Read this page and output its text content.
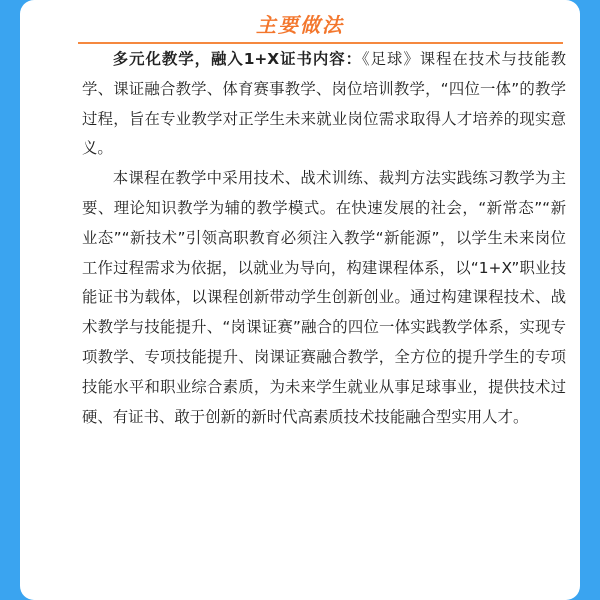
主要做法

多元化教学，融入1+X证书内容：《足球》课程在技术与技能教学、课证融合教学、体育赛事教学、岗位培训教学，“四位一体”的教学过程，旨在专业教学对正学生未来就业岗位需求取得人才培养的现实意义。

本课程在教学中采用技术、战术训练、裁判方法实践练习教学为主要、理论知识教学为辅的教学模式。在快速发展的社会，“新常态”“新业态”“新技术”引领高职教育必须注入教学“新能源”，以学生未来岗位工作过程需求为依据，以就业为导向，构建课程体系，以“1+X”职业技能证书为载体，以课程创新带动学生创新创业。通过构建课程技术、战术教学与技能提升、“岗课证赛”融合的四位一体实践教学体系，实现专项教学、专项技能提升、岗课证赛融合教学，全方位的提升学生的专项技能水平和职业综合素质，为未来学生就业从事足球事业，提供技术过硬、有证书、敢于创新的新时代高素质技术技能融合型实用人才。
